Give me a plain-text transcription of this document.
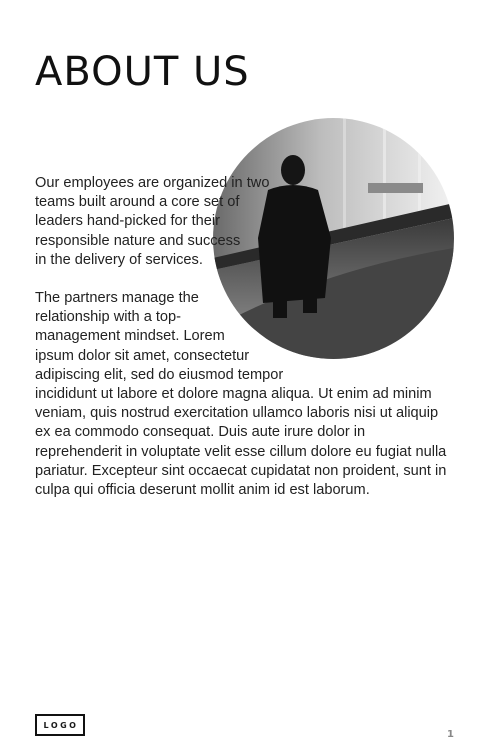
ABOUT US

Our employees are organized in two teams built around a core set of leaders hand-picked for their responsible nature and success in the delivery of services.

The partners manage the relationship with a top-management mindset. Lorem ipsum dolor sit amet, consectetur adipiscing elit, sed do eiusmod tempor incididunt ut labore et dolore magna aliqua. Ut enim ad minim veniam, quis nostrud exercitation ullamco laboris nisi ut aliquip ex ea commodo consequat. Duis aute irure dolor in reprehenderit in voluptate velit esse cillum dolore eu fugiat nulla pariatur. Excepteur sint occaecat cupidatat non proident, sunt in culpa qui officia deserunt mollit anim id est laborum.

LOGO
1
